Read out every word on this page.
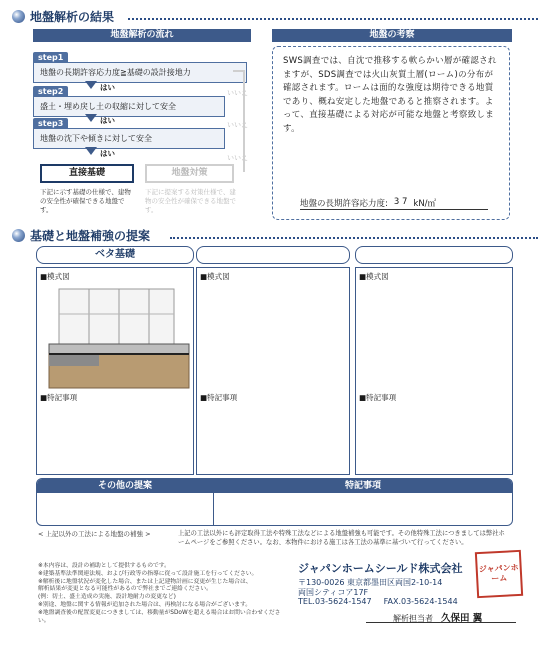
地盤解析の結果
地盤解析の流れ
step1
地盤の長期許容応力度≧基礎の設計接地力
はい
いいえ
step2
盛土・埋め戻し土の収縮に対して安全
はい	いいえ
step3
地盤の沈下や傾きに対して安全
はい	いいえ
直接基礎	地盤対策
下記に示す基礎の仕様で、建物の安全性が確保できる地盤です。
下記に提案する対策仕様で、建物の安全性が確保できる地盤です。
地盤の考察
SWS調査では、自沈で推移する軟らかい層が確認されますが、SDS調査では火山灰質土層(ローム)の分布が確認されます。ロームは面的な強度は期待できる地質であり、概ね安定した地盤であると推察されます。よって、直接基礎による対応が可能な地盤と考察致します。
地盤の長期許容応力度: 3 7 kN/㎡
基礎と地盤補強の提案
ベタ基礎
■模式図
■特記事項
■模式図
■特記事項
■模式図
■特記事項
その他の提案	特記事項
< 上記以外の工法による地盤の補強 >	上記の工法以外にも評定取得工法や特殊工法などによる地盤補強も可能です。その他特殊工法につきましては弊社ホームページをご参照ください。なお、本物件における施工は各工法の基準に基づいて行ってください。
※本内容は、設計の補助として提供するものです。
※建築基準法準関連法規、および行政等の指導に従って設計施工を行ってください。
※解析後に地盤状況が変化した場合、または上記建物計画に変更が生じた場合は、
解析結果が変更となる可能性があるので弊社までご連絡ください。
(例：切土、盛土造成の実施、設計地耐力の変更など)
※別途、地盤に関する情報が追加された場合は、再検討になる場合がございます。
※地盤調査後の配置変更につきましては、移動量がSDoWを超える場合はお問い合わせください。
ジャパンホームシールド株式会社
〒130-0026 東京都墨田区両国2-10-14
両国シティコア17F
TEL.03-5624-1547 FAX.03-5624-1544
解析担当者 久保田 翼
ジャパンホーム
